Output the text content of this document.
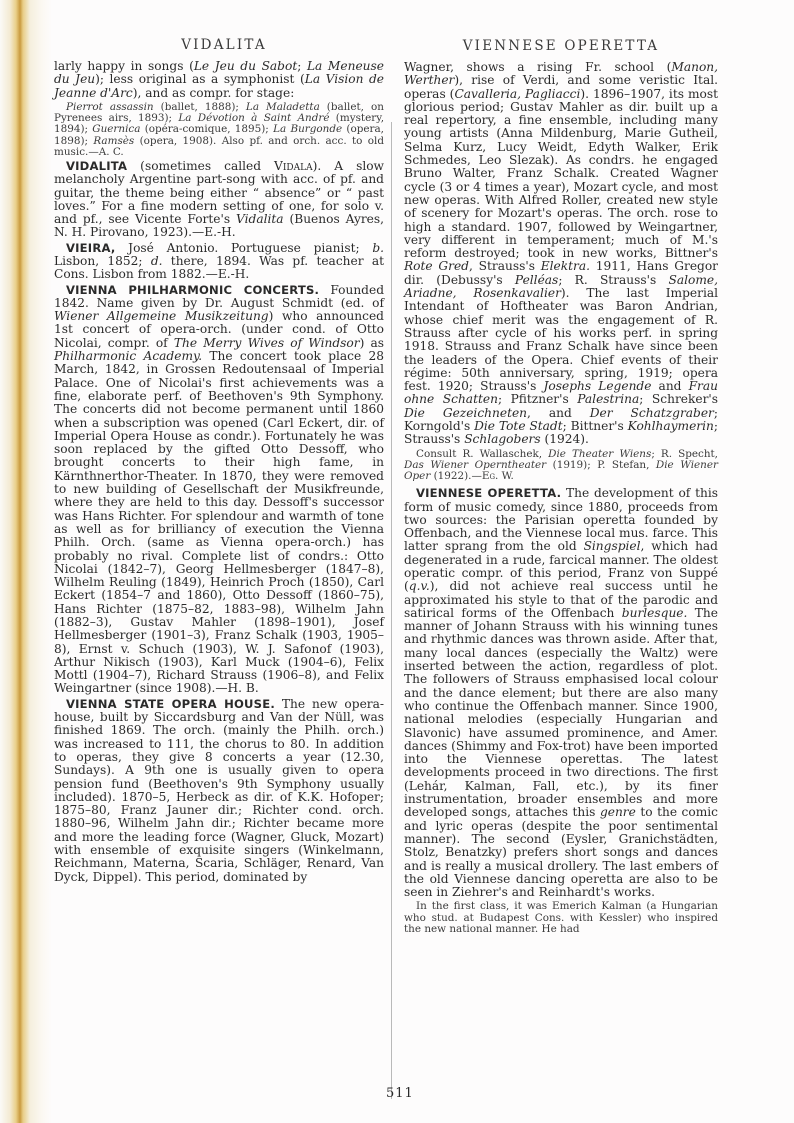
VIDALITA

larly happy in songs (Le Jeu du Sabot; La Meneuse du Jeu); less original as a symphonist (La Vision de Jeanne d'Arc), and as compr. for stage:

Pierrot assassin (ballet, 1888); La Maladetta (ballet, on Pyrenees airs, 1893); La Dévotion à Saint André (mystery, 1894); Guernica (opéra-comique, 1895); La Burgonde (opera, 1898); Ramsès (opera, 1908). Also pf. and orch. acc. to old music.—A. C.

VIDALITA (sometimes called Vidala). A slow melancholy Argentine part-song with acc. of pf. and guitar, the theme being either “ absence” or “ past loves.” For a fine modern setting of one, for solo v. and pf., see Vicente Forte's Vidalita (Buenos Ayres, N. H. Pirovano, 1923).—E.-H.

VIEIRA, José Antonio. Portuguese pianist; b. Lisbon, 1852; d. there, 1894. Was pf. teacher at Cons. Lisbon from 1882.—E.-H.

VIENNA PHILHARMONIC CONCERTS. Founded 1842. Name given by Dr. August Schmidt (ed. of Wiener Allgemeine Musikzeitung) who announced 1st concert of opera-orch. (under cond. of Otto Nicolai, compr. of The Merry Wives of Windsor) as Philharmonic Academy. The concert took place 28 March, 1842, in Grossen Redoutensaal of Imperial Palace. One of Nicolai's first achievements was a fine, elaborate perf. of Beethoven's 9th Symphony. The concerts did not become permanent until 1860 when a subscription was opened (Carl Eckert, dir. of Imperial Opera House as condr.). Fortunately he was soon replaced by the gifted Otto Dessoff, who brought concerts to their high fame, in Kärnthnerthor-Theater. In 1870, they were removed to new building of Gesellschaft der Musikfreunde, where they are held to this day. Dessoff's successor was Hans Richter. For splendour and warmth of tone as well as for brilliancy of execution the Vienna Philh. Orch. (same as Vienna opera-orch.) has probably no rival. Complete list of condrs.: Otto Nicolai (1842–7), Georg Hellmesberger (1847–8), Wilhelm Reuling (1849), Heinrich Proch (1850), Carl Eckert (1854–7 and 1860), Otto Dessoff (1860–75), Hans Richter (1875–82, 1883–98), Wilhelm Jahn (1882–3), Gustav Mahler (1898–1901), Josef Hellmesberger (1901–3), Franz Schalk (1903, 1905–8), Ernst v. Schuch (1903), W. J. Safonof (1903), Arthur Nikisch (1903), Karl Muck (1904–6), Felix Mottl (1904–7), Richard Strauss (1906–8), and Felix Weingartner (since 1908).—H. B.

VIENNA STATE OPERA HOUSE. The new opera-house, built by Siccardsburg and Van der Nüll, was finished 1869. The orch. (mainly the Philh. orch.) was increased to 111, the chorus to 80. In addition to operas, they give 8 concerts a year (12.30, Sundays). A 9th one is usually given to opera pension fund (Beethoven's 9th Symphony usually included). 1870–5, Herbeck as dir. of K.K. Hofoper; 1875–80, Franz Jauner dir.; Richter cond. orch. 1880–96, Wilhelm Jahn dir.; Richter became more and more the leading force (Wagner, Gluck, Mozart) with ensemble of exquisite singers (Winkelmann, Reichmann, Materna, Scaria, Schläger, Renard, Van Dyck, Dippel). This period, dominated by

VIENNESE OPERETTA

Wagner, shows a rising Fr. school (Manon, Werther), rise of Verdi, and some veristic Ital. operas (Cavalleria, Pagliacci). 1896–1907, its most glorious period; Gustav Mahler as dir. built up a real repertory, a fine ensemble, including many young artists (Anna Mildenburg, Marie Gutheil, Selma Kurz, Lucy Weidt, Edyth Walker, Erik Schmedes, Leo Slezak). As condrs. he engaged Bruno Walter, Franz Schalk. Created Wagner cycle (3 or 4 times a year), Mozart cycle, and most new operas. With Alfred Roller, created new style of scenery for Mozart's operas. The orch. rose to high a standard. 1907, followed by Weingartner, very different in temperament; much of M.'s reform destroyed; took in new works, Bittner's Rote Gred, Strauss's Elektra. 1911, Hans Gregor dir. (Debussy's Pelléas; R. Strauss's Salome, Ariadne, Rosenkavalier). The last Imperial Intendant of Hoftheater was Baron Andrian, whose chief merit was the engagement of R. Strauss after cycle of his works perf. in spring 1918. Strauss and Franz Schalk have since been the leaders of the Opera. Chief events of their régime: 50th anniversary, spring, 1919; opera fest. 1920; Strauss's Josephs Legende and Frau ohne Schatten; Pfitzner's Palestrina; Schreker's Die Gezeichneten, and Der Schatzgraber; Korngold's Die Tote Stadt; Bittner's Kohlhaymerin; Strauss's Schlagobers (1924).

Consult R. Wallaschek, Die Theater Wiens; R. Specht, Das Wiener Operntheater (1919); P. Stefan, Die Wiener Oper (1922).—Eg. W.

VIENNESE OPERETTA. The development of this form of music comedy, since 1880, proceeds from two sources: the Parisian operetta founded by Offenbach, and the Viennese local mus. farce. This latter sprang from the old Singspiel, which had degenerated in a rude, farcical manner. The oldest operatic compr. of this period, Franz von Suppé (q.v.), did not achieve real success until he approximated his style to that of the parodic and satirical forms of the Offenbach burlesque. The manner of Johann Strauss with his winning tunes and rhythmic dances was thrown aside. After that, many local dances (especially the Waltz) were inserted between the action, regardless of plot. The followers of Strauss emphasised local colour and the dance element; but there are also many who continue the Offenbach manner. Since 1900, national melodies (especially Hungarian and Slavonic) have assumed prominence, and Amer. dances (Shimmy and Fox-trot) have been imported into the Viennese operettas. The latest developments proceed in two directions. The first (Lehár, Kalman, Fall, etc.), by its finer instrumentation, broader ensembles and more developed songs, attaches this genre to the comic and lyric operas (despite the poor sentimental manner). The second (Eysler, Granichstädten, Stolz, Benatzky) prefers short songs and dances and is really a musical drollery. The last embers of the old Viennese dancing operetta are also to be seen in Ziehrer's and Reinhardt's works.

In the first class, it was Emerich Kalman (a Hungarian who stud. at Budapest Cons. with Kessler) who inspired the new national manner. He had

511
